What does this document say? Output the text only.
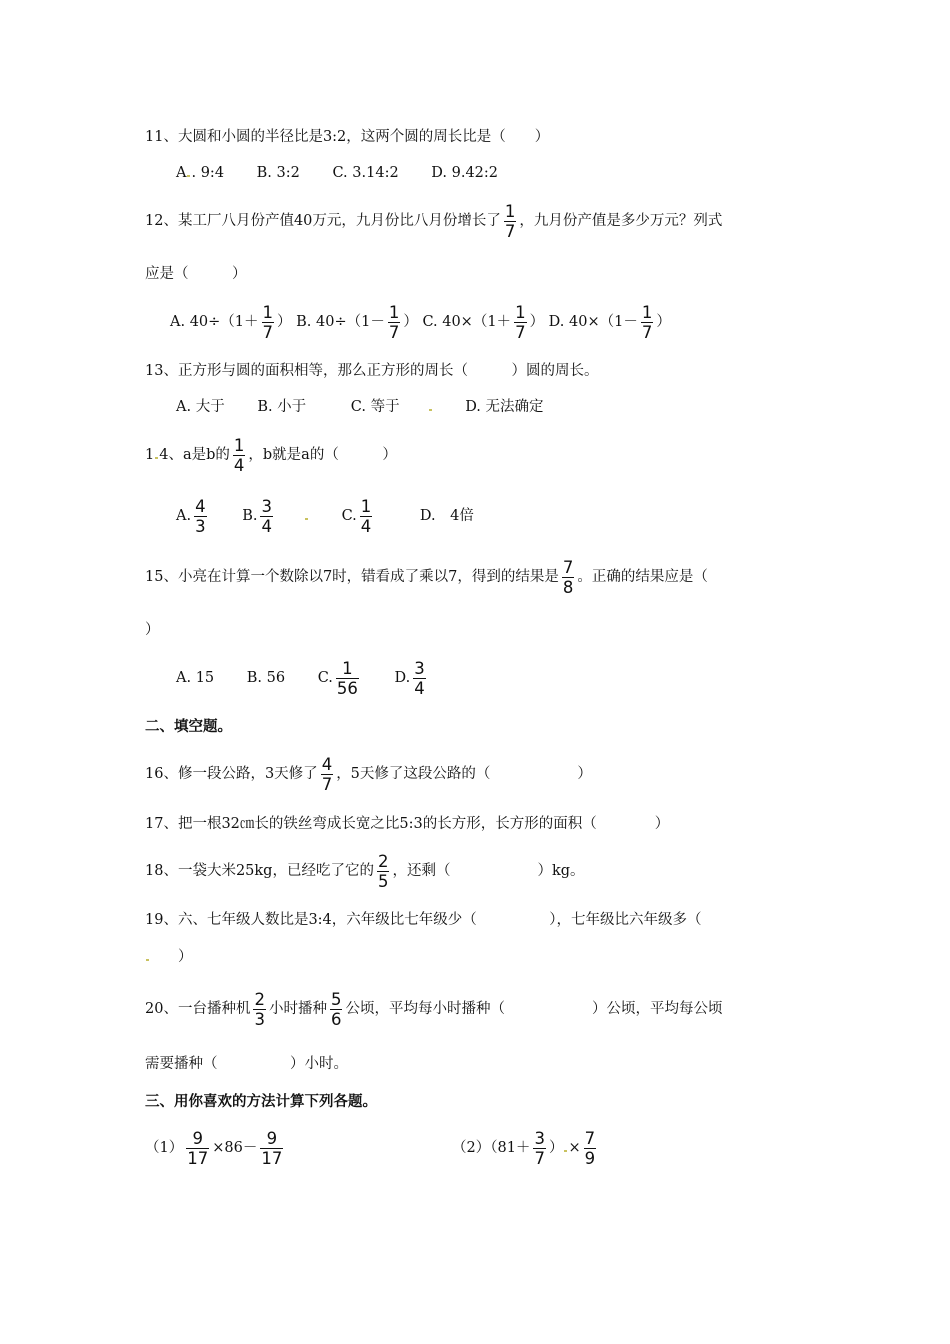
11、大圆和小圆的半径比是3:2，这两个圆的周长比是（　　）
A . 9:4 B. 3:2 C. 3.14:2 D. 9.42:2
12、某工厂八月份产值40万元，九月份比八月份增长了 $\frac{1}{7}$ ，九月份产值是多少万元？列式
应是（　　　）
A. $40\div(1+ \frac{1}{7}$ ） B. $40\div(1- \frac{1}{7}$ ） C. $40\times(1+ \frac{1}{7}$ ） D. $40\times(1- \frac{1}{7}$ ）
13、正方形与圆的面积相等，那么正方形的周长（　　　）圆的周长。
A. 大于 B. 小于	C. 等于	D. 无法确定
1 4、a是b的 $\frac{1}{4}$ ，b就是a的（　　　）
A. $\frac{4}{3} B$. $\frac{3}{4}$	C. $\frac{1}{4}$	D.　4倍
15、小亮在计算一个数除以7时，错看成了乘以7，得到的结果是 $\frac{7}{8}$ 。正确的结果应是（
）
A. 15 B. 56 C. $\frac{1}{56} D$. $\frac{3}{4}$
二、填空题。
16、修一段公路，3天修了 $\frac{4}{7}$ ，5天修了这段公路的（　　　　　　）
17、把一根32㎝长的铁丝弯成长宽之比5:3的长方形，长方形的面积（　　　　）
18、一袋大米25kg，已经吃了它的 $\frac{2}{5}$ ，还剩（　　　　　　）kg。
19、六、七年级人数比是3:4，六年级比七年级少（　　　　　），七年级比六年级多（
）
20、一台播种机 $\frac{2}{3}$ 小时播种 $\frac{5}{6}$ 公顷，平均每小时播种（　　　　　　）公顷，平均每公顷
需要播种（　　　　　）小时。
三、用你喜欢的方法计算下列各题。
$(1) \frac{9}{17} \times 86- \frac{9}{17}$	$(2)(81+ \frac{3}{7}$ ） × $\frac{7}{9}$
